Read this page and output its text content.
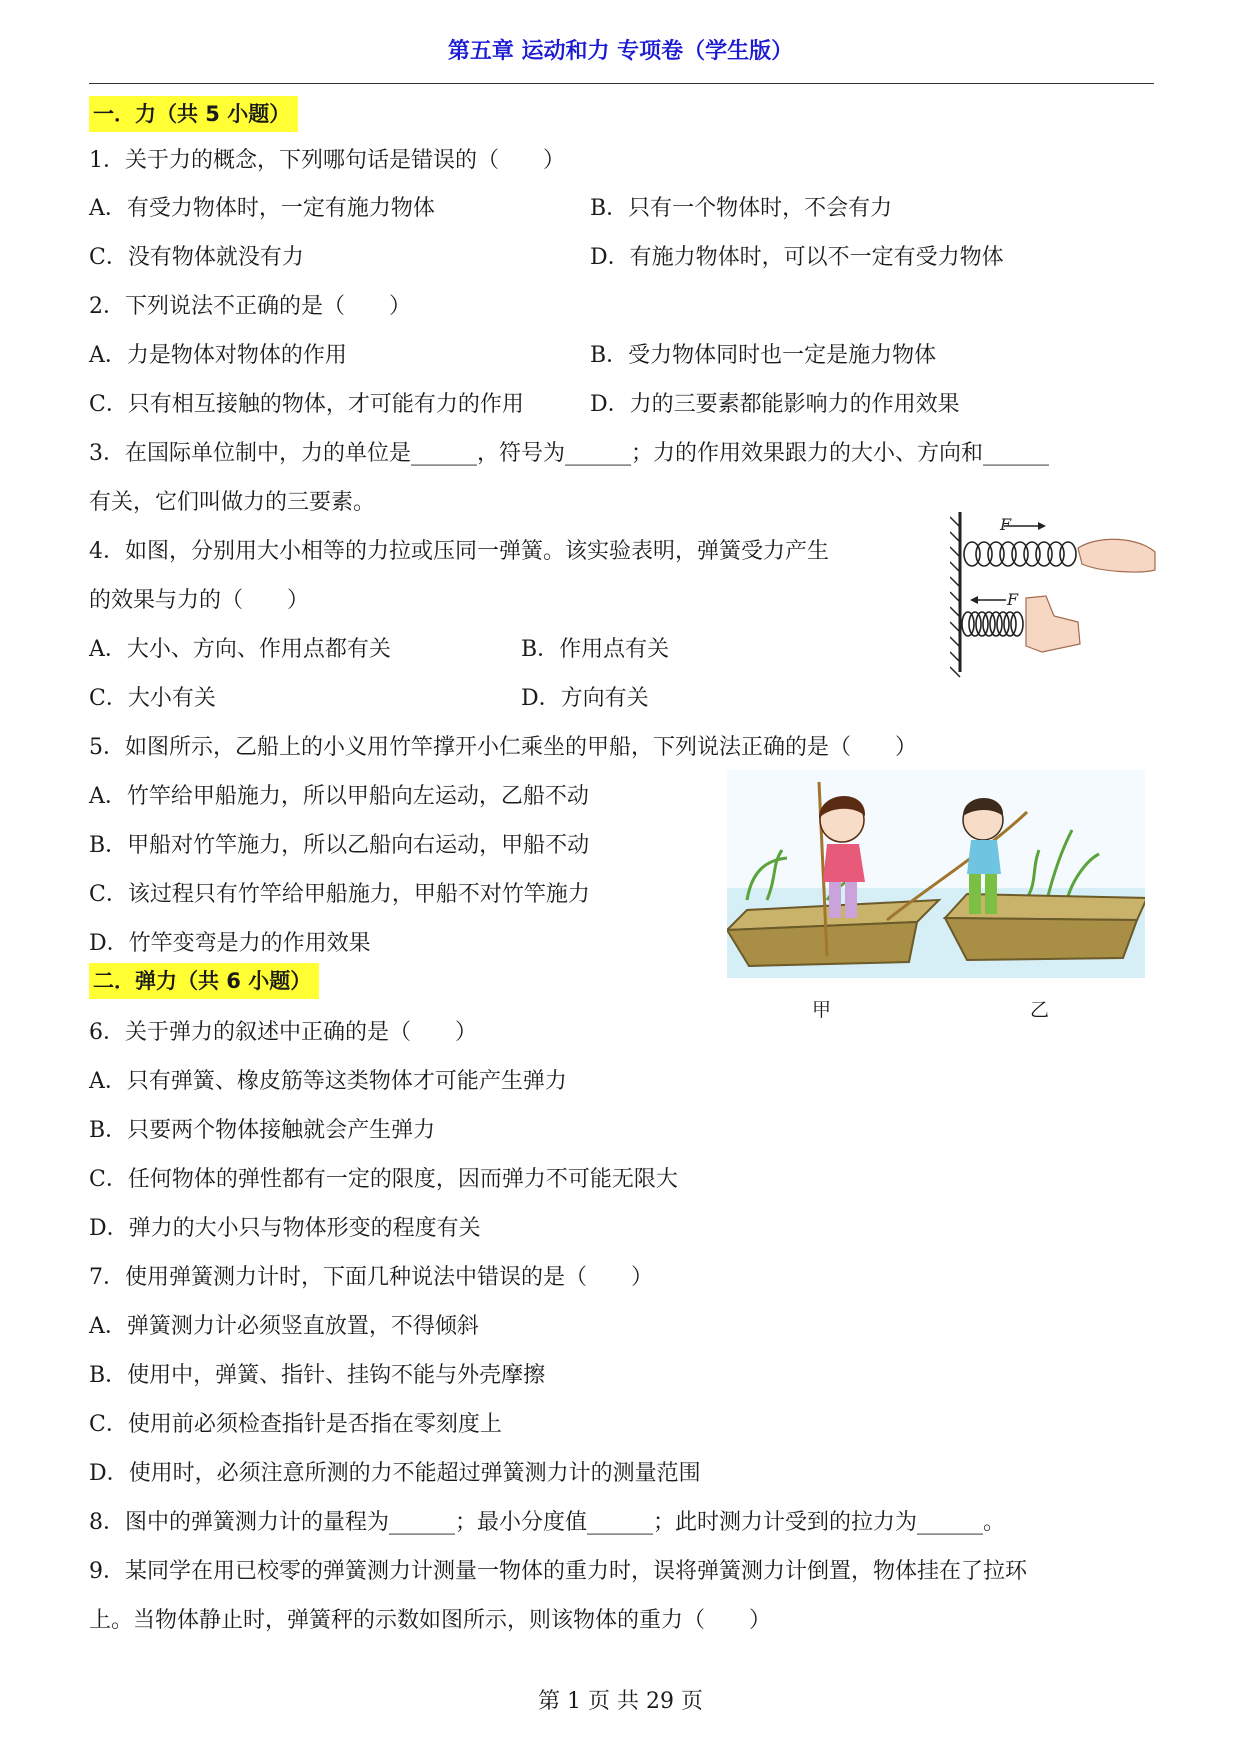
第五章 运动和力 专项卷（学生版）
一．力（共 5 小题）
1．关于力的概念，下列哪句话是错误的（　　）
A．有受力物体时，一定有施力物体	B．只有一个物体时，不会有力
C．没有物体就没有力	D．有施力物体时，可以不一定有受力物体
2．下列说法不正确的是（　　）
A．力是物体对物体的作用	B．受力物体同时也一定是施力物体
C．只有相互接触的物体，才可能有力的作用	D．力的三要素都能影响力的作用效果
3．在国际单位制中，力的单位是______，符号为______；力的作用效果跟力的大小、方向和______
有关，它们叫做力的三要素。
4．如图，分别用大小相等的力拉或压同一弹簧。该实验表明，弹簧受力产生
的效果与力的（　　）
A．大小、方向、作用点都有关	B．作用点有关
C．大小有关	D．方向有关
F
F
5．如图所示，乙船上的小义用竹竿撑开小仁乘坐的甲船，下列说法正确的是（　　）
A．竹竿给甲船施力，所以甲船向左运动，乙船不动
B．甲船对竹竿施力，所以乙船向右运动，甲船不动
C．该过程只有竹竿给甲船施力，甲船不对竹竿施力
D．竹竿变弯是力的作用效果
甲	乙
二．弹力（共 6 小题）
6．关于弹力的叙述中正确的是（　　）
A．只有弹簧、橡皮筋等这类物体才可能产生弹力
B．只要两个物体接触就会产生弹力
C．任何物体的弹性都有一定的限度，因而弹力不可能无限大
D．弹力的大小只与物体形变的程度有关
7．使用弹簧测力计时，下面几种说法中错误的是（　　）
A．弹簧测力计必须竖直放置，不得倾斜
B．使用中，弹簧、指针、挂钩不能与外壳摩擦
C．使用前必须检查指针是否指在零刻度上
D．使用时，必须注意所测的力不能超过弹簧测力计的测量范围
8．图中的弹簧测力计的量程为______；最小分度值______；此时测力计受到的拉力为______。
9．某同学在用已校零的弹簧测力计测量一物体的重力时，误将弹簧测力计倒置，物体挂在了拉环
上。当物体静止时，弹簧秤的示数如图所示，则该物体的重力（　　）
第 1 页 共 29 页
